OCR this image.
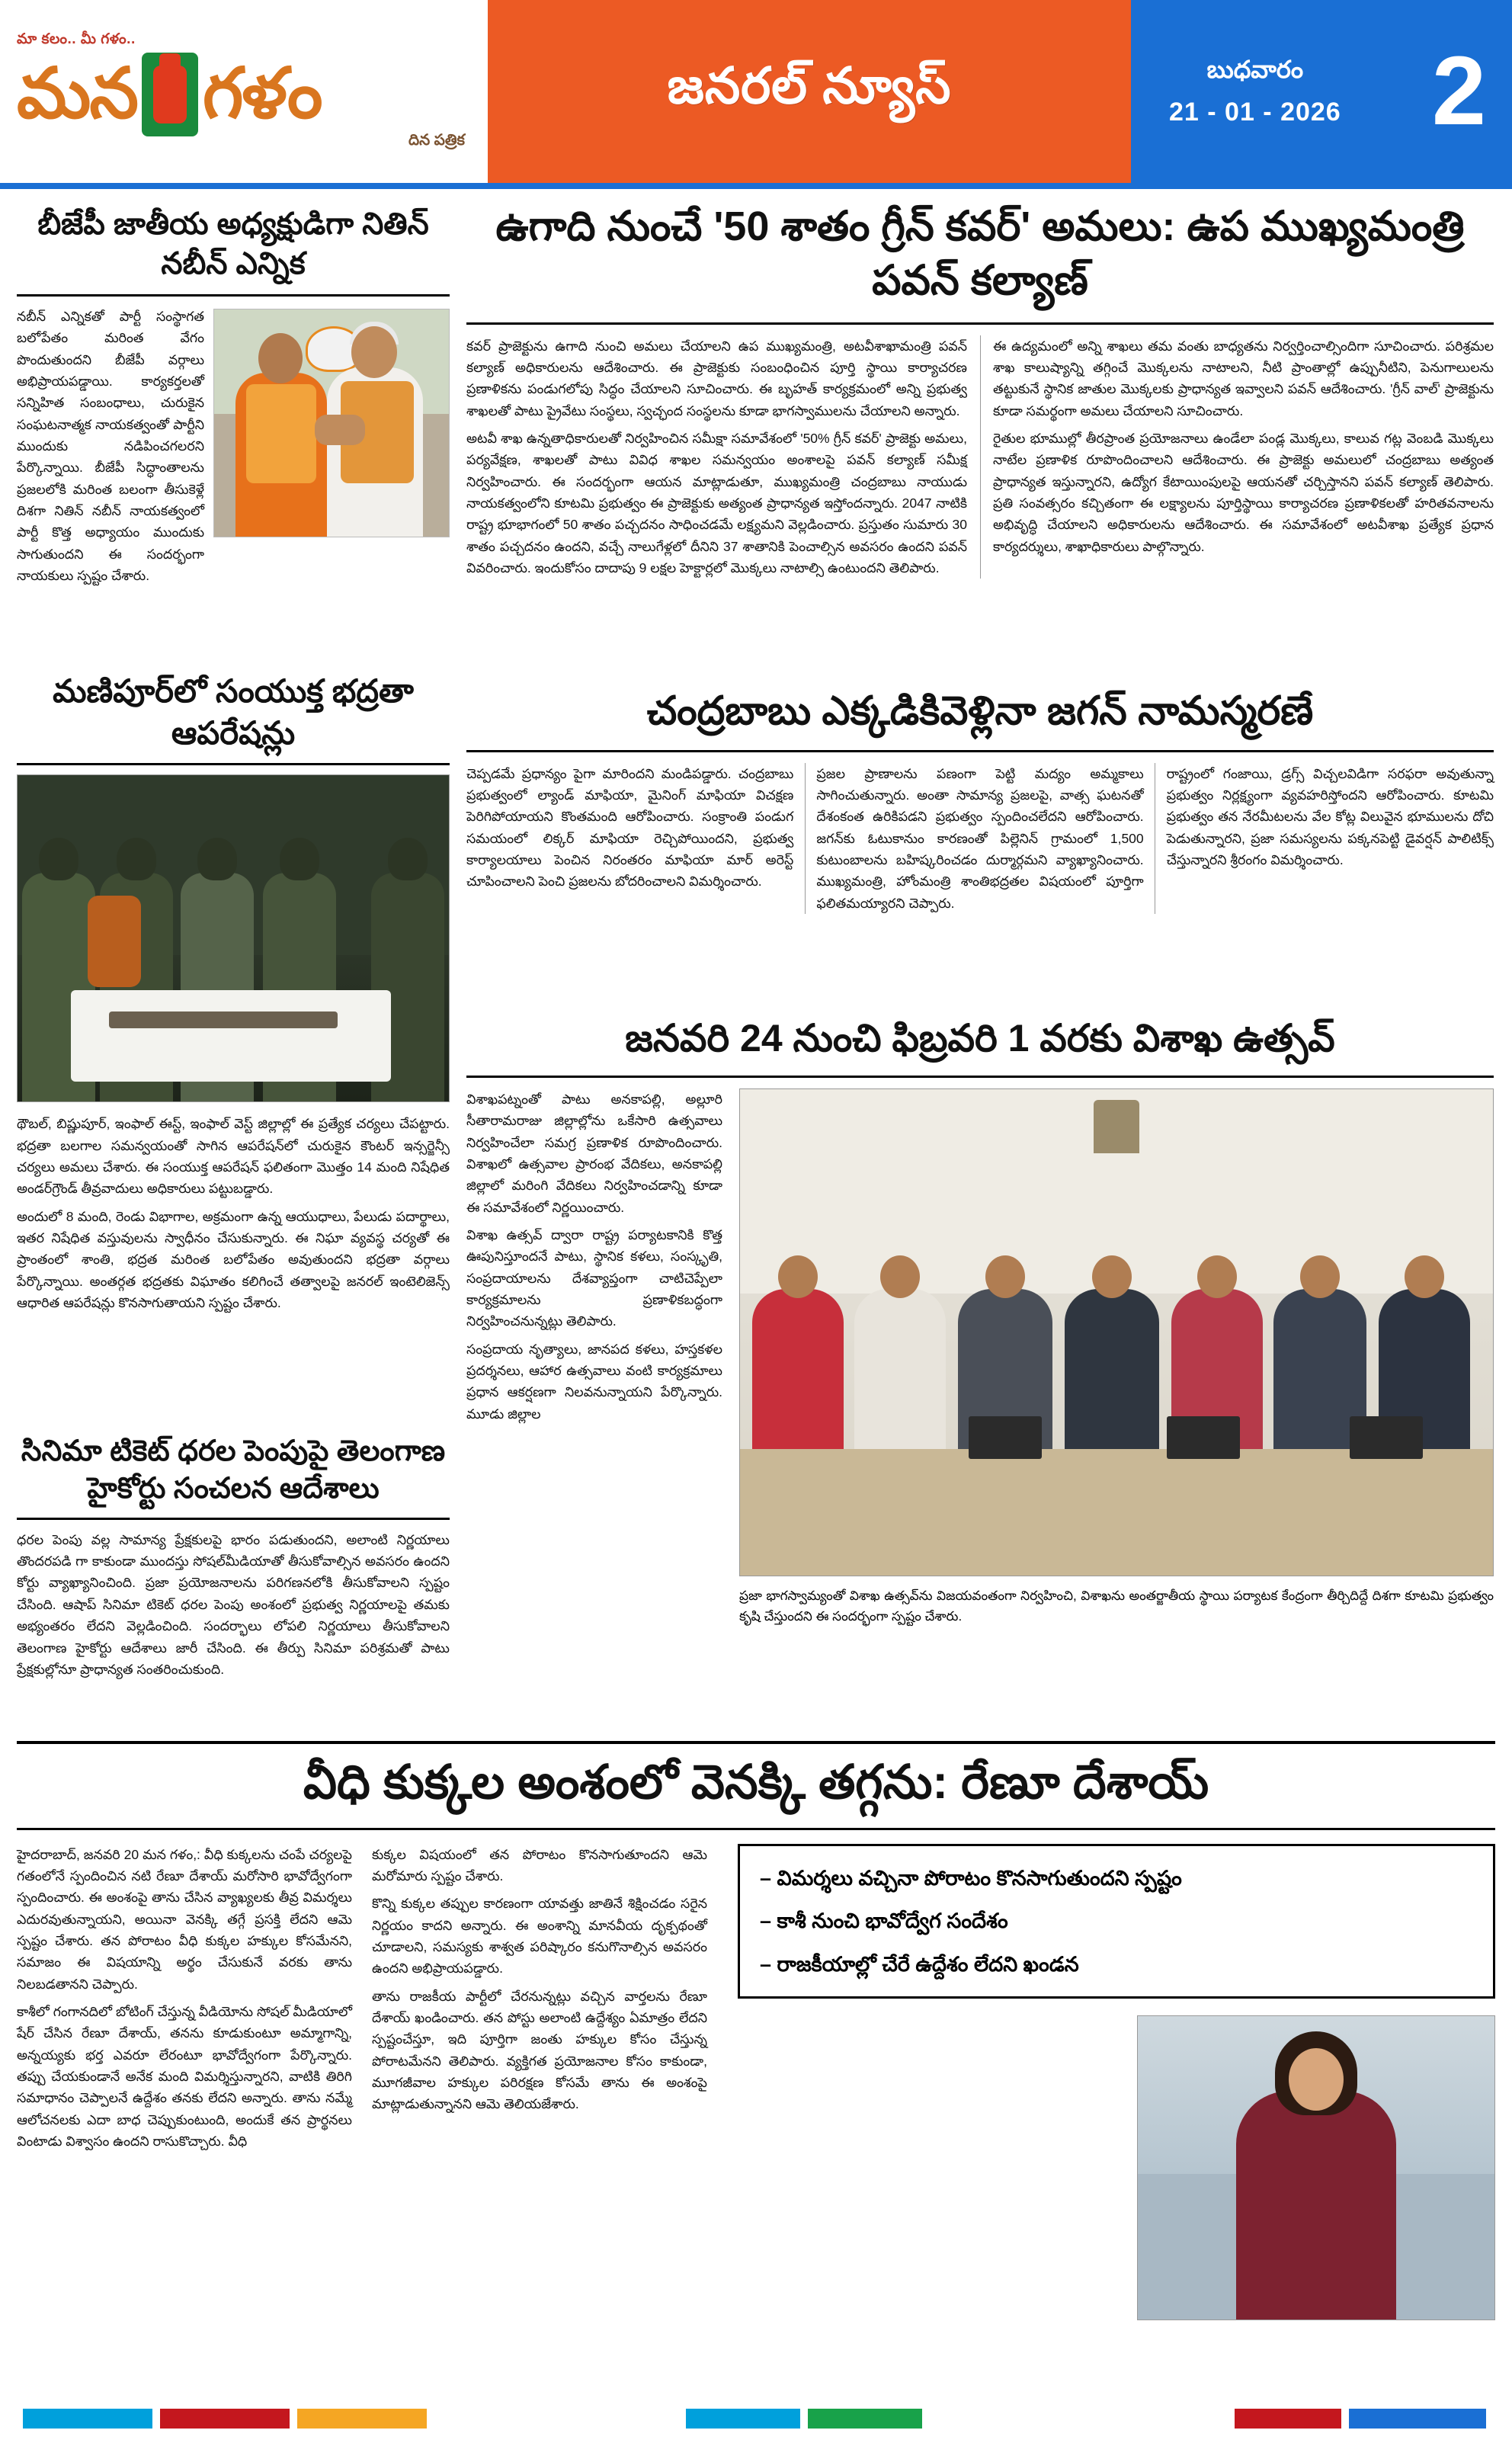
మా కలం.. మీ గళం..
మన గళం
దిన పత్రిక
జనరల్ న్యూస్	బుధవారం
21 - 01 - 2026 2
బీజేపీ జాతీయ అధ్యక్షుడిగా నితిన్ నబీన్ ఎన్నిక

నబీన్ ఎన్నికతో పార్టీ సంస్థాగత బలోపేతం మరింత వేగం పొందుతుందని బీజేపీ వర్గాలు అభిప్రాయపడ్డాయి. కార్యకర్తలతో సన్నిహిత సంబంధాలు, చురుకైన సంఘటనాత్మక నాయకత్వంతో పార్టీని ముందుకు నడిపించగలరని పేర్కొన్నాయి. బీజేపీ సిద్ధాంతాలను ప్రజలలోకి మరింత బలంగా తీసుకెళ్లే దిశగా నితిన్ నబీన్ నాయకత్వంలో పార్టీ కొత్త అధ్యాయం ముందుకు సాగుతుందని ఈ సందర్భంగా నాయకులు స్పష్టం చేశారు.

ఉగాది నుంచే '50 శాతం గ్రీన్ కవర్' అమలు: ఉప ముఖ్యమంత్రి పవన్ కల్యాణ్

కవర్ ప్రాజెక్టును ఉగాది నుంచి అమలు చేయాలని ఉప ముఖ్యమంత్రి, అటవీశాఖామంత్రి పవన్ కల్యాణ్ అధికారులను ఆదేశించారు. ఈ ప్రాజెక్టుకు సంబంధించిన పూర్తి స్థాయి కార్యాచరణ ప్రణాళికను పండుగలోపు సిద్ధం చేయాలని సూచించారు. ఈ బృహత్ కార్యక్రమంలో అన్ని ప్రభుత్వ శాఖలతో పాటు ప్రైవేటు సంస్థలు, స్వచ్ఛంద సంస్థలను కూడా భాగస్వాములను చేయాలని అన్నారు.

అటవీ శాఖ ఉన్నతాధికారులతో నిర్వహించిన సమీక్షా సమావేశంలో '50% గ్రీన్ కవర్' ప్రాజెక్టు అమలు, పర్యవేక్షణ, శాఖలతో పాటు వివిధ శాఖల సమన్వయం అంశాలపై పవన్ కల్యాణ్ సమీక్ష నిర్వహించారు. ఈ సందర్భంగా ఆయన మాట్లాడుతూ, ముఖ్యమంత్రి చంద్రబాబు నాయుడు నాయకత్వంలోని కూటమి ప్రభుత్వం ఈ ప్రాజెక్టుకు అత్యంత ప్రాధాన్యత ఇస్తోందన్నారు. 2047 నాటికి రాష్ట్ర భూభాగంలో 50 శాతం పచ్చదనం సాధించడమే లక్ష్యమని వెల్లడించారు. ప్రస్తుతం సుమారు 30 శాతం పచ్చదనం ఉందని, వచ్చే నాలుగేళ్లలో దీనిని 37 శాతానికి పెంచాల్సిన అవసరం ఉందని పవన్ వివరించారు. ఇందుకోసం దాదాపు 9 లక్షల హెక్టార్లలో మొక్కలు నాటాల్సి ఉంటుందని తెలిపారు.

ఈ ఉద్యమంలో అన్ని శాఖలు తమ వంతు బాధ్యతను నిర్వర్తించాల్సిందిగా సూచించారు. పరిశ్రమల శాఖ కాలుష్యాన్ని తగ్గించే మొక్కలను నాటాలని, నీటి ప్రాంతాల్లో ఉప్పునీటిని, పెనుగాలులను తట్టుకునే స్థానిక జాతుల మొక్కలకు ప్రాధాన్యత ఇవ్వాలని పవన్ ఆదేశించారు. 'గ్రీన్ వాల్' ప్రాజెక్టును కూడా సమర్థంగా అమలు చేయాలని సూచించారు.

రైతుల భూముల్లో తీరప్రాంత ప్రయోజనాలు ఉండేలా పండ్ల మొక్కలు, కాలువ గట్ల వెంబడి మొక్కలు నాటేల ప్రణాళిక రూపొందించాలని ఆదేశించారు. ఈ ప్రాజెక్టు అమలులో చంద్రబాబు అత్యంత ప్రాధాన్యత ఇస్తున్నారని, ఉద్యోగ కేటాయింపులపై ఆయనతో చర్చిస్తానని పవన్ కల్యాణ్ తెలిపారు. ప్రతి సంవత్సరం కచ్చితంగా ఈ లక్ష్యాలను పూర్తిస్థాయి కార్యాచరణ ప్రణాళికలతో హరితవనాలను అభివృద్ధి చేయాలని అధికారులను ఆదేశించారు. ఈ సమావేశంలో అటవీశాఖ ప్రత్యేక ప్రధాన కార్యదర్శులు, శాఖాధికారులు పాల్గొన్నారు.

మణిపూర్‌లో సంయుక్త భద్రతా ఆపరేషన్లు

థౌబల్, బిష్ణుపూర్, ఇంఫాల్ ఈస్ట్, ఇంఫాల్ వెస్ట్ జిల్లాల్లో ఈ ప్రత్యేక చర్యలు చేపట్టారు. భద్రతా బలగాల సమన్వయంతో సాగిన ఆపరేషన్‌లో చురుకైన కౌంటర్ ఇన్సర్జెన్సీ చర్యలు అమలు చేశారు. ఈ సంయుక్త ఆపరేషన్ ఫలితంగా మొత్తం 14 మంది నిషేధిత అండర్‌గ్రౌండ్ తీవ్రవాదులు అధికారులు పట్టుబడ్డారు.

అందులో 8 మంది, రెండు విభాగాల, అక్రమంగా ఉన్న ఆయుధాలు, పేలుడు పదార్థాలు, ఇతర నిషేధిత వస్తువులను స్వాధీనం చేసుకున్నారు. ఈ నిఘా వ్యవస్థ చర్యతో ఈ ప్రాంతంలో శాంతి, భద్రత మరింత బలోపేతం అవుతుందని భద్రతా వర్గాలు పేర్కొన్నాయి. అంతర్గత భద్రతకు విఘాతం కలిగించే తత్వాలపై జనరల్ ఇంటెలిజెన్స్ ఆధారిత ఆపరేషన్లు కొనసాగుతాయని స్పష్టం చేశారు.

చంద్రబాబు ఎక్కడికివెళ్లినా జగన్ నామస్మరణే

చెప్పడమే ప్రధాన్యం పైగా మారిందని మండిపడ్డారు. చంద్రబాబు ప్రభుత్వంలో ల్యాండ్ మాఫియా, మైనింగ్ మాఫియా విచక్షణ పెరిగిపోయాయని కొంతమంది ఆరోపించారు. సంక్రాంతి పండుగ సమయంలో లిక్కర్ మాఫియా రెచ్చిపోయిందని, ప్రభుత్వ కార్యాలయాలు పెంచిన నిరంతరం మాఫియా మార్ అరెస్ట్ చూపించాలని పెంచి ప్రజలను బోదరించాలని విమర్శించారు.

ప్రజల ప్రాణాలను పణంగా పెట్టి మద్యం అమ్మకాలు సాగించుతున్నారు. అంతా సామాన్య ప్రజలపై, వాత్స ఘటనతో దేశంకంత ఉరికిపడని ప్రభుత్వం స్పందించలేదని ఆరోపించారు. జగన్‌కు ఓటుకానుం కారణంతో పిల్లెనిన్ గ్రామంలో 1,500 కుటుంబాలను బహిష్కరించడం దుర్మార్గమని వ్యాఖ్యానించారు. ముఖ్యమంత్రి, హోంమంత్రి శాంతిభద్రతల విషయంలో పూర్తిగా ఫలితమయ్యారని చెప్పారు.

రాష్ట్రంలో గంజాయి, డ్రగ్స్ విచ్చలవిడిగా సరఫరా అవుతున్నా ప్రభుత్వం నిర్లక్ష్యంగా వ్యవహరిస్తోందని ఆరోపించారు. కూటమి ప్రభుత్వం తన నేరమీటలను వేల కోట్ల విలువైన భూములను దోచి పెడుతున్నారని, ప్రజా సమస్యలను పక్కనపెట్టి డైవర్షన్ పాలిటిక్స్ చేస్తున్నారని శ్రీరంగం విమర్శించారు.

జనవరి 24 నుంచి ఫిబ్రవరి 1 వరకు విశాఖ ఉత్సవ్

విశాఖపట్నంతో పాటు అనకాపల్లి, అల్లూరి సీతారామరాజు జిల్లాల్లోను ఒకేసారి ఉత్సవాలు నిర్వహించేలా సమగ్ర ప్రణాళిక రూపొందించారు. విశాఖలో ఉత్సవాల ప్రారంభ వేదికలు, అనకాపల్లి జిల్లాలో మరింగి వేదికలు నిర్వహించడాన్ని కూడా ఈ సమావేశంలో నిర్ణయించారు.

విశాఖ ఉత్సవ్ ద్వారా రాష్ట్ర పర్యాటకానికి కొత్త ఊపునిస్తూందనే పాటు, స్థానిక కళలు, సంస్కృతి, సంప్రదాయాలను దేశవ్యాప్తంగా చాటిచెప్పేలా కార్యక్రమాలను ప్రణాళికబద్ధంగా నిర్వహించనున్నట్లు తెలిపారు.

సంప్రదాయ నృత్యాలు, జానపద కళలు, హస్తకళల ప్రదర్శనలు, ఆహార ఉత్సవాలు వంటి కార్యక్రమాలు ప్రధాన ఆకర్షణగా నిలవనున్నాయని పేర్కొన్నారు. మూడు జిల్లాల

ప్రజా భాగస్వామ్యంతో విశాఖ ఉత్సవ్‌ను విజయవంతంగా నిర్వహించి, విశాఖను అంతర్జాతీయ స్థాయి పర్యాటక కేంద్రంగా తీర్చిదిద్దే దిశగా కూటమి ప్రభుత్వం కృషి చేస్తుందని ఈ సందర్భంగా స్పష్టం చేశారు.
సినిమా టికెట్ ధరల పెంపుపై తెలంగాణ హైకోర్టు సంచలన ఆదేశాలు

ధరల పెంపు వల్ల సామాన్య ప్రేక్షకులపై భారం పడుతుందని, అలాంటి నిర్ణయాలు తొందరపడి గా కాకుండా ముందస్తు సోషల్‌మీడియాతో తీసుకోవాల్సిన అవసరం ఉందని కోర్టు వ్యాఖ్యానించింది. ప్రజా ప్రయోజనాలను పరిగణనలోకి తీసుకోవాలని స్పష్టం చేసింది. ఆషాప్ సినిమా టికెట్ ధరల పెంపు అంశంలో ప్రభుత్వ నిర్ణయాలపై తమకు అభ్యంతరం లేదని వెల్లడించింది. సందర్భాలు లోపలి నిర్ణయాలు తీసుకోవాలని తెలంగాణ హైకోర్టు ఆదేశాలు జారీ చేసింది. ఈ తీర్పు సినిమా పరిశ్రమతో పాటు ప్రేక్షకుల్లోనూ ప్రాధాన్యత సంతరించుకుంది.

వీధి కుక్కల అంశంలో వెనక్కి తగ్గను: రేణూ దేశాయ్

హైదరాబాద్, జనవరి 20 మన గళం,: వీధి కుక్కలను చంపే చర్యలపై గతంలోనే స్పందించిన నటి రేణూ దేశాయ్ మరోసారి భావోద్వేగంగా స్పందించారు. ఈ అంశంపై తాను చేసిన వ్యాఖ్యలకు తీవ్ర విమర్శలు ఎదురవుతున్నాయని, అయినా వెనక్కి తగ్గే ప్రసక్తి లేదని ఆమె స్పష్టం చేశారు. తన పోరాటం వీధి కుక్కల హక్కుల కోసమేనని, సమాజం ఈ విషయాన్ని అర్థం చేసుకునే వరకు తాను నిలబడతానని చెప్పారు.

కాశీలో గంగానదిలో బోటింగ్ చేస్తున్న వీడియోను సోషల్ మీడియాలో షేర్ చేసిన రేణూ దేశాయ్, తనను కూడుకుంటూ అమ్మాగాన్ని, అన్నయ్యకు భర్త ఎవరూ లేరంటూ భావోద్వేగంగా పేర్కొన్నారు. తప్పు చేయకుండానే అనేక మంది విమర్శిస్తున్నారని, వాటికి తిరిగి సమాధానం చెప్పాలనే ఉద్దేశం తనకు లేదని అన్నారు. తాను నమ్మే ఆలోచనలకు ఎదా బాధ చెప్పుకుంటుంది, అందుకే తన ప్రార్థనలు వింటాడు విశ్వాసం ఉందని రాసుకొచ్చారు. వీధి

కుక్కల విషయంలో తన పోరాటం కొనసాగుతూందని ఆమె మరోమారు స్పష్టం చేశారు.

కొన్ని కుక్కల తప్పుల కారణంగా యావత్తు జాతినే శిక్షించడం సరైన నిర్ణయం కాదని అన్నారు. ఈ అంశాన్ని మానవీయ దృక్పథంతో చూడాలని, సమస్యకు శాశ్వత పరిష్కారం కనుగొనాల్సిన అవసరం ఉందని అభిప్రాయపడ్డారు.

తాను రాజకీయ పార్టీలో చేరనున్నట్లు వచ్చిన వార్తలను రేణూ దేశాయ్ ఖండించారు. తన పోస్టు అలాంటి ఉద్దేశ్యం ఏమాత్రం లేదని స్పష్టంచేస్తూ, ఇది పూర్తిగా జంతు హక్కుల కోసం చేస్తున్న పోరాటమేనని తెలిపారు. వ్యక్తిగత ప్రయోజనాల కోసం కాకుండా, మూగజీవాల హక్కుల పరిరక్షణ కోసమే తాను ఈ అంశంపై మాట్లాడుతున్నానని ఆమె తెలియజేశారు.

– విమర్శలు వచ్చినా పోరాటం కొనసాగుతుందని స్పష్టం
– కాశీ నుంచి భావోద్వేగ సందేశం
– రాజకీయాల్లో చేరే ఉద్దేశం లేదని ఖండన
